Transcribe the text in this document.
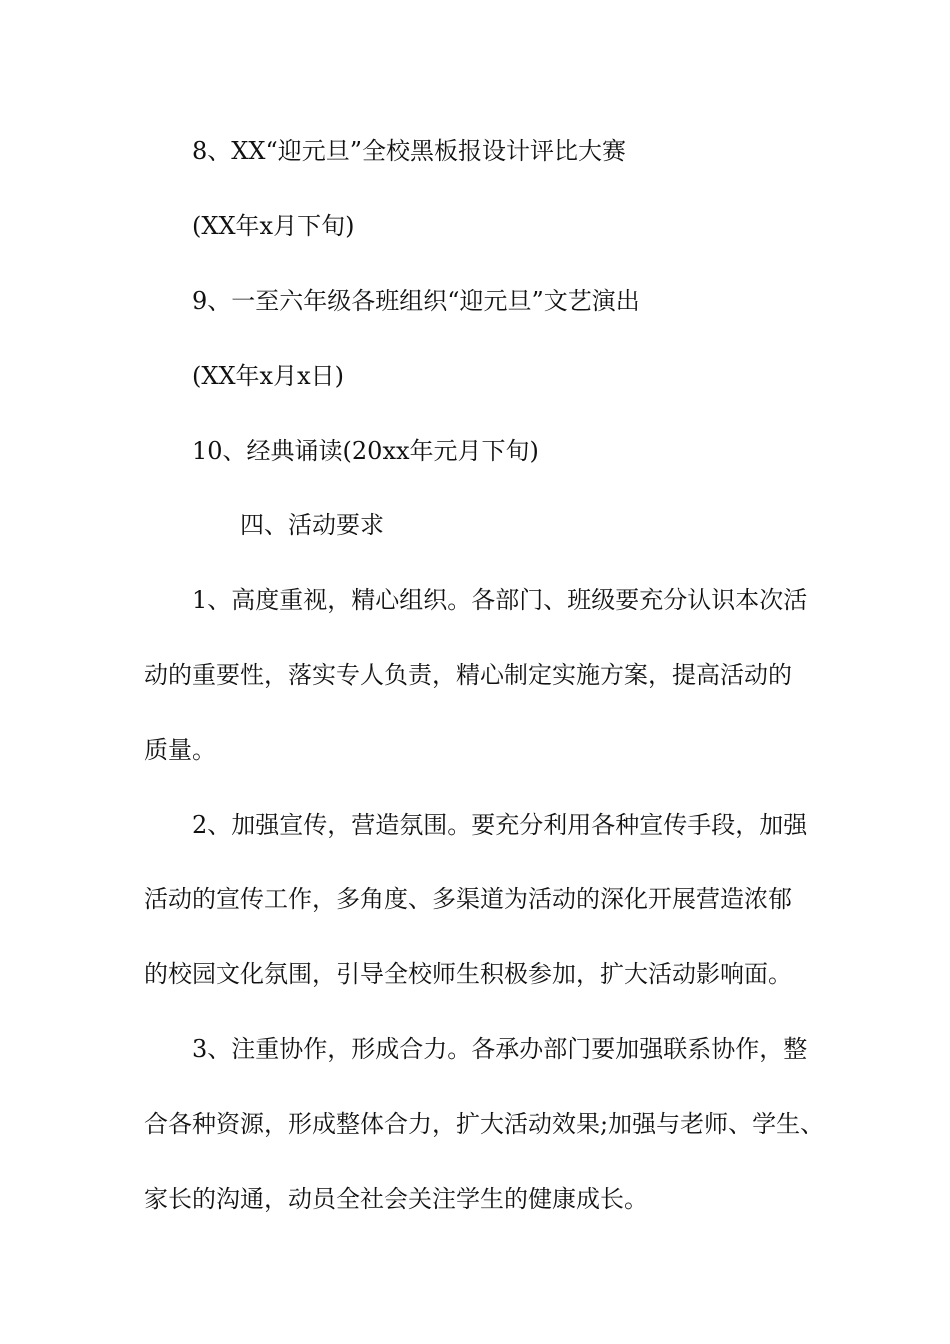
8、XX“迎元旦”全校黑板报设计评比大赛
(XX年x月下旬)
9、一至六年级各班组织“迎元旦”文艺演出
(XX年x月x日)
10、经典诵读(20xx年元月下旬)
四、活动要求
1、高度重视，精心组织。各部门、班级要充分认识本次活
动的重要性，落实专人负责，精心制定实施方案，提高活动的
质量。
2、加强宣传，营造氛围。要充分利用各种宣传手段，加强
活动的宣传工作，多角度、多渠道为活动的深化开展营造浓郁
的校园文化氛围，引导全校师生积极参加，扩大活动影响面。
3、注重协作，形成合力。各承办部门要加强联系协作，整
合各种资源，形成整体合力，扩大活动效果;加强与老师、学生、
家长的沟通，动员全社会关注学生的健康成长。
